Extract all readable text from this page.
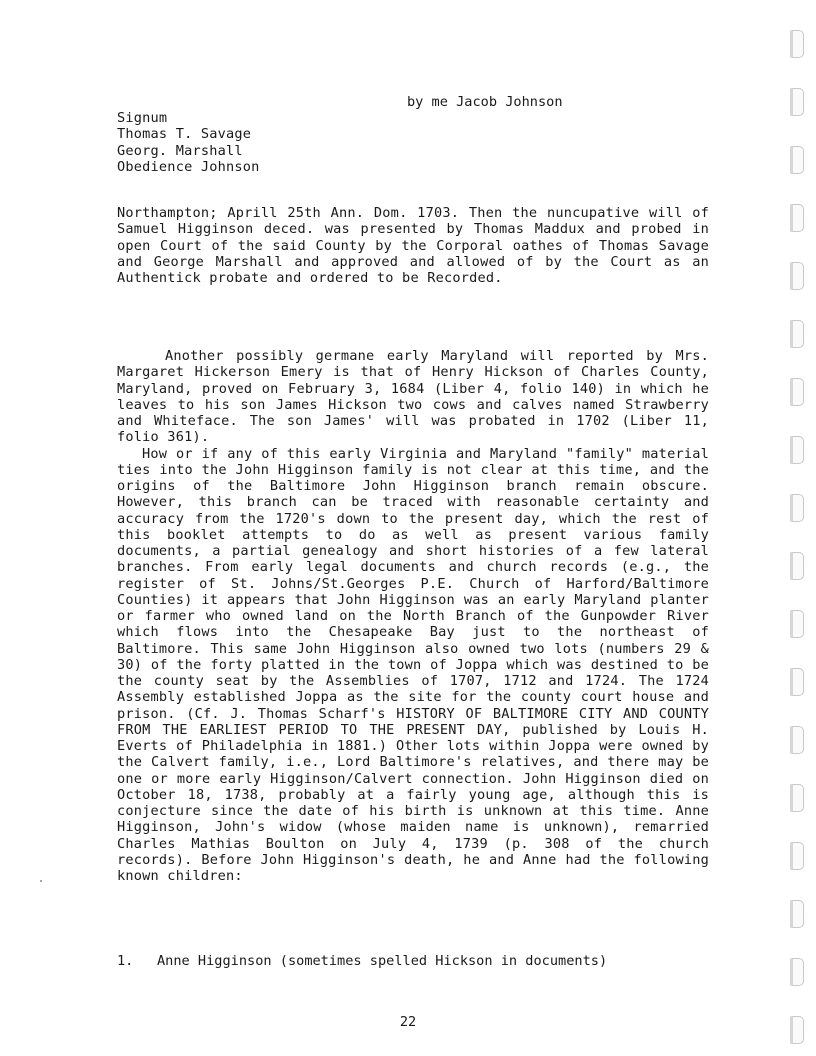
by me Jacob Johnson
Signum
Thomas T. Savage
Georg. Marshall
Obedience Johnson
Northampton; Aprill 25th Ann. Dom. 1703. Then the nuncupative will of Samuel Higginson deced. was presented by Thomas Maddux and probed in open Court of the said County by the Corporal oathes of Thomas Savage and George Marshall and approved and allowed of by the Court as an Authentick probate and ordered to be Recorded.
Another possibly germane early Maryland will reported by Mrs. Margaret Hickerson Emery is that of Henry Hickson of Charles County, Maryland, proved on February 3, 1684 (Liber 4, folio 140) in which he leaves to his son James Hickson two cows and calves named Strawberry and Whiteface. The son James' will was probated in 1702 (Liber 11, folio 361).
How or if any of this early Virginia and Maryland "family" material ties into the John Higginson family is not clear at this time, and the origins of the Baltimore John Higginson branch remain obscure. However, this branch can be traced with reasonable certainty and accuracy from the 1720's down to the present day, which the rest of this booklet attempts to do as well as present various family documents, a partial genealogy and short histories of a few lateral branches. From early legal documents and church records (e.g., the register of St. Johns/St.Georges P.E. Church of Harford/Baltimore Counties) it appears that John Higginson was an early Maryland planter or farmer who owned land on the North Branch of the Gunpowder River which flows into the Chesapeake Bay just to the northeast of Baltimore. This same John Higginson also owned two lots (numbers 29 & 30) of the forty platted in the town of Joppa which was destined to be the county seat by the Assemblies of 1707, 1712 and 1724. The 1724 Assembly established Joppa as the site for the county court house and prison. (Cf. J. Thomas Scharf's HISTORY OF BALTIMORE CITY AND COUNTY FROM THE EARLIEST PERIOD TO THE PRESENT DAY, published by Louis H. Everts of Philadelphia in 1881.) Other lots within Joppa were owned by the Calvert family, i.e., Lord Baltimore's relatives, and there may be one or more early Higginson/Calvert connection. John Higginson died on October 18, 1738, probably at a fairly young age, although this is conjecture since the date of his birth is unknown at this time. Anne Higginson, John's widow (whose maiden name is unknown), remarried Charles Mathias Boulton on July 4, 1739 (p. 308 of the church records). Before John Higginson's death, he and Anne had the following known children:
1. Anne Higginson (sometimes spelled Hickson in documents)
22
